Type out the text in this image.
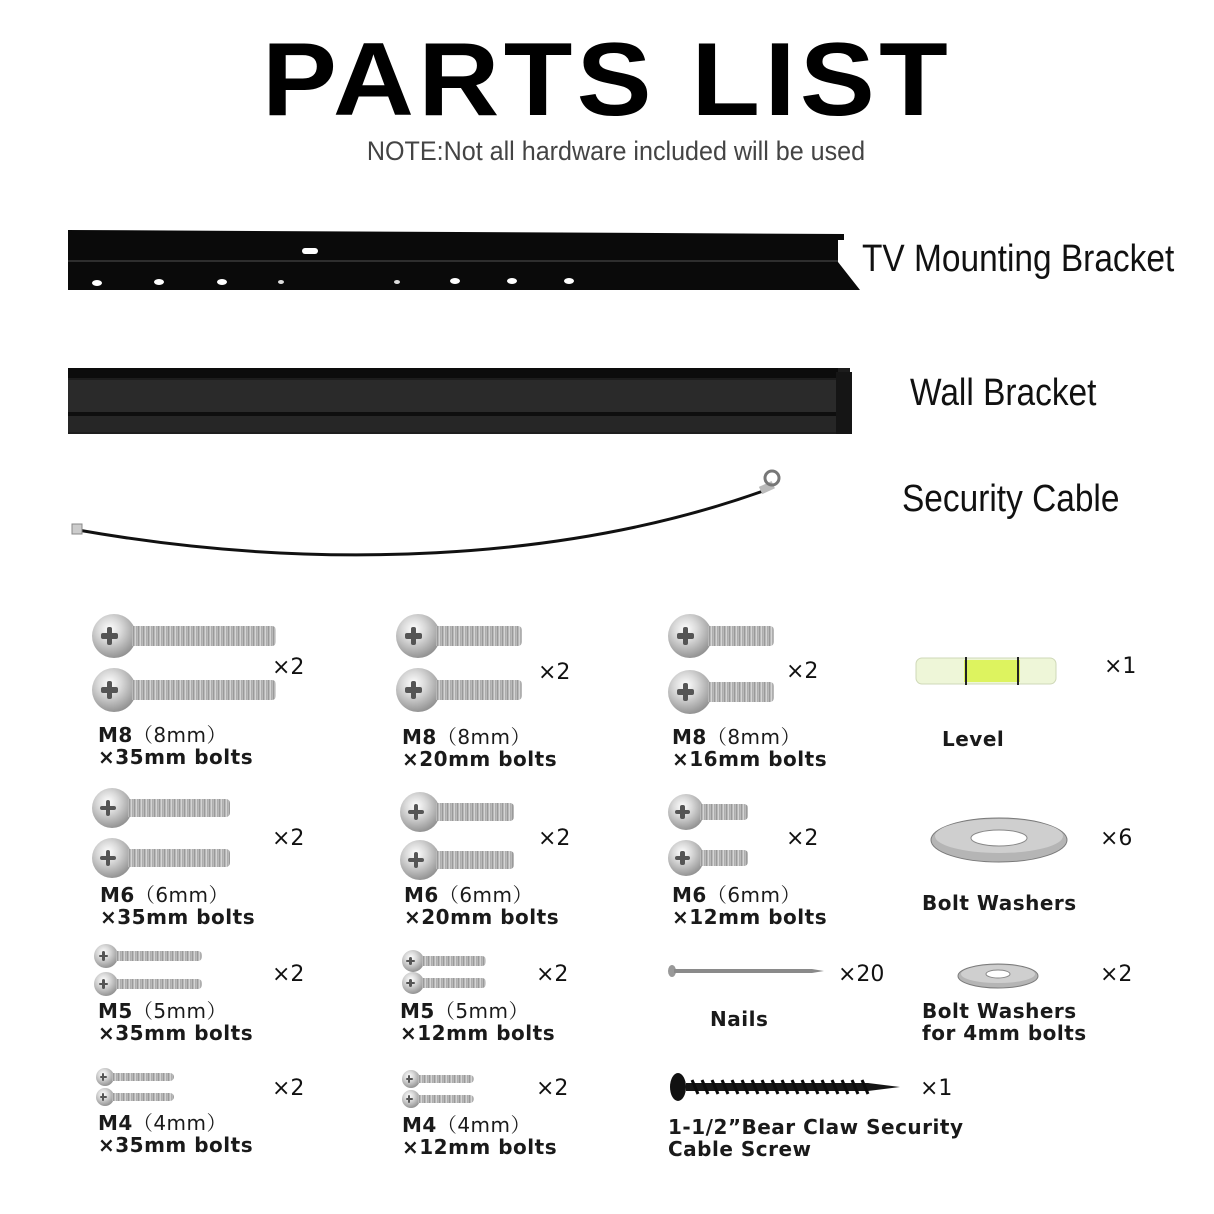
PARTS LIST
NOTE:Not all hardware included will be used
TV Mounting Bracket
Wall Bracket
Security Cable
×2
M8（8mm）
×35mm bolts
×2
M8（8mm）
×20mm bolts
×2
M8（8mm）
×16mm bolts
×1
Level
×2
M6（6mm）
×35mm bolts
×2
M6（6mm）
×20mm bolts
×2
M6（6mm）
×12mm bolts
×6
Bolt Washers
×2
M5（5mm）
×35mm bolts
×2
M5（5mm）
×12mm bolts
×20
Nails
×2
Bolt Washers
for 4mm bolts
×2
M4（4mm）
×35mm bolts
×2
M4（4mm）
×12mm bolts
×1
1-1/2”Bear Claw Security
Cable Screw
